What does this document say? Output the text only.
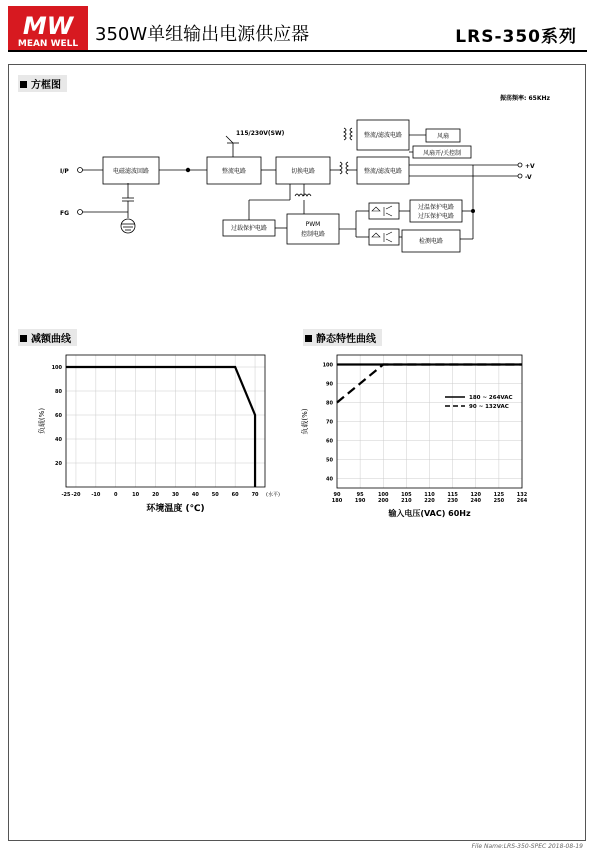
MW
MEAN WELL 350W单组输出电源供应器	LRS-350系列
方框图
减额曲线	静态特性曲线
振荡频率: 65KHz
I/P
FG
115/230V(SW)
电磁滤波回路	整流电路	切换电路
整流/滤波电路
整流/滤波电路
风扇
风扇开/关控制
过温保护电路
过压保护电路
过载保护电路
PWM
控制电路
检测电路
+V
-V
100
80
60
40
20
-25 -20 -10	0	10	20	30	40	50	60	70 (水平)
负载(%)
环境温度 (℃)
100
90
80
70
60
50
40
90	95	100	105	110	115	120	125	132
180	190	200	210	220	230	240	250	264
负载(%)
输入电压(VAC) 60Hz
180 ~ 264VAC
90 ~ 132VAC
File Name:LRS-350-SPEC 2018-08-19
